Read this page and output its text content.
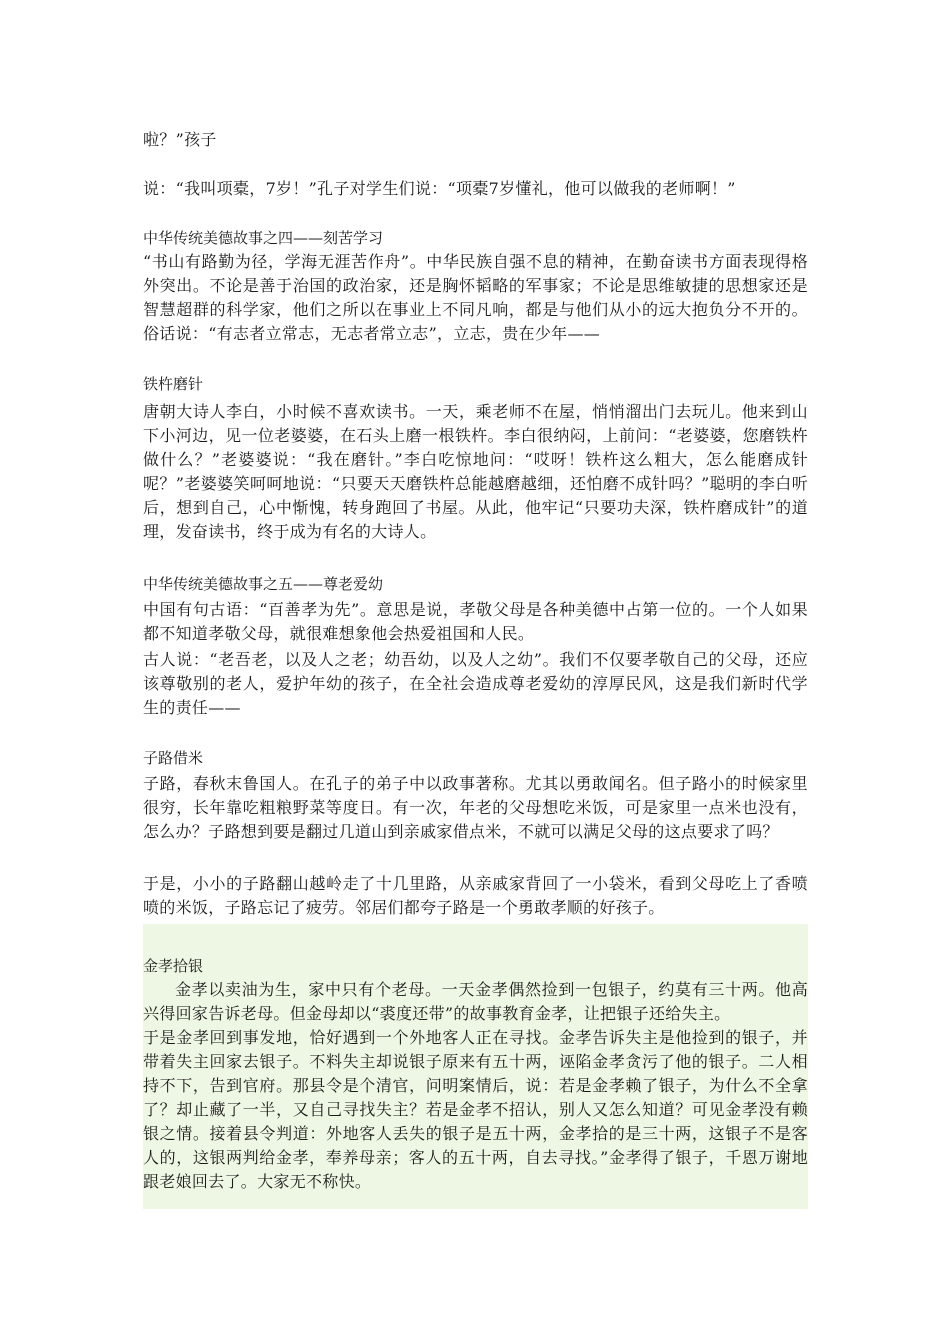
啦？”孩子

说：“我叫项橐，7岁！”孔子对学生们说：“项橐7岁懂礼，他可以做我的老师啊！”

中华传统美德故事之四——刻苦学习

“书山有路勤为径，学海无涯苦作舟”。中华民族自强不息的精神，在勤奋读书方面表现得格外突出。不论是善于治国的政治家，还是胸怀韬略的军事家；不论是思维敏捷的思想家还是智慧超群的科学家，他们之所以在事业上不同凡响，都是与他们从小的远大抱负分不开的。俗话说：“有志者立常志，无志者常立志”，立志，贵在少年——

铁杵磨针

唐朝大诗人李白，小时候不喜欢读书。一天，乘老师不在屋，悄悄溜出门去玩儿。他来到山下小河边，见一位老婆婆，在石头上磨一根铁杵。李白很纳闷，上前问：“老婆婆，您磨铁杵做什么？”老婆婆说：“我在磨针。”李白吃惊地问：“哎呀！铁杵这么粗大，怎么能磨成针呢？”老婆婆笑呵呵地说：“只要天天磨铁杵总能越磨越细，还怕磨不成针吗？”聪明的李白听后，想到自己，心中惭愧，转身跑回了书屋。从此，他牢记“只要功夫深，铁杵磨成针”的道理，发奋读书，终于成为有名的大诗人。

中华传统美德故事之五——尊老爱幼

中国有句古语：“百善孝为先”。意思是说，孝敬父母是各种美德中占第一位的。一个人如果都不知道孝敬父母，就很难想象他会热爱祖国和人民。

古人说：“老吾老，以及人之老；幼吾幼，以及人之幼”。我们不仅要孝敬自己的父母，还应该尊敬别的老人，爱护年幼的孩子，在全社会造成尊老爱幼的淳厚民风，这是我们新时代学生的责任——

子路借米

子路，春秋末鲁国人。在孔子的弟子中以政事著称。尤其以勇敢闻名。但子路小的时候家里很穷，长年靠吃粗粮野菜等度日。有一次，年老的父母想吃米饭，可是家里一点米也没有，怎么办？子路想到要是翻过几道山到亲戚家借点米，不就可以满足父母的这点要求了吗？

于是，小小的子路翻山越岭走了十几里路，从亲戚家背回了一小袋米，看到父母吃上了香喷喷的米饭，子路忘记了疲劳。邻居们都夸子路是一个勇敢孝顺的好孩子。

金孝拾银

金孝以卖油为生，家中只有个老母。一天金孝偶然捡到一包银子，约莫有三十两。他高兴得回家告诉老母。但金母却以“裘度还带”的故事教育金孝，让把银子还给失主。

于是金孝回到事发地，恰好遇到一个外地客人正在寻找。金孝告诉失主是他捡到的银子，并带着失主回家去银子。不料失主却说银子原来有五十两，诬陷金孝贪污了他的银子。二人相持不下，告到官府。那县令是个清官，问明案情后，说：若是金孝赖了银子，为什么不全拿了？却止藏了一半，又自己寻找失主？若是金孝不招认，别人又怎么知道？可见金孝没有赖银之情。接着县令判道：外地客人丢失的银子是五十两，金孝拾的是三十两，这银子不是客人的，这银两判给金孝，奉养母亲；客人的五十两，自去寻找。”金孝得了银子，千恩万谢地跟老娘回去了。大家无不称快。
